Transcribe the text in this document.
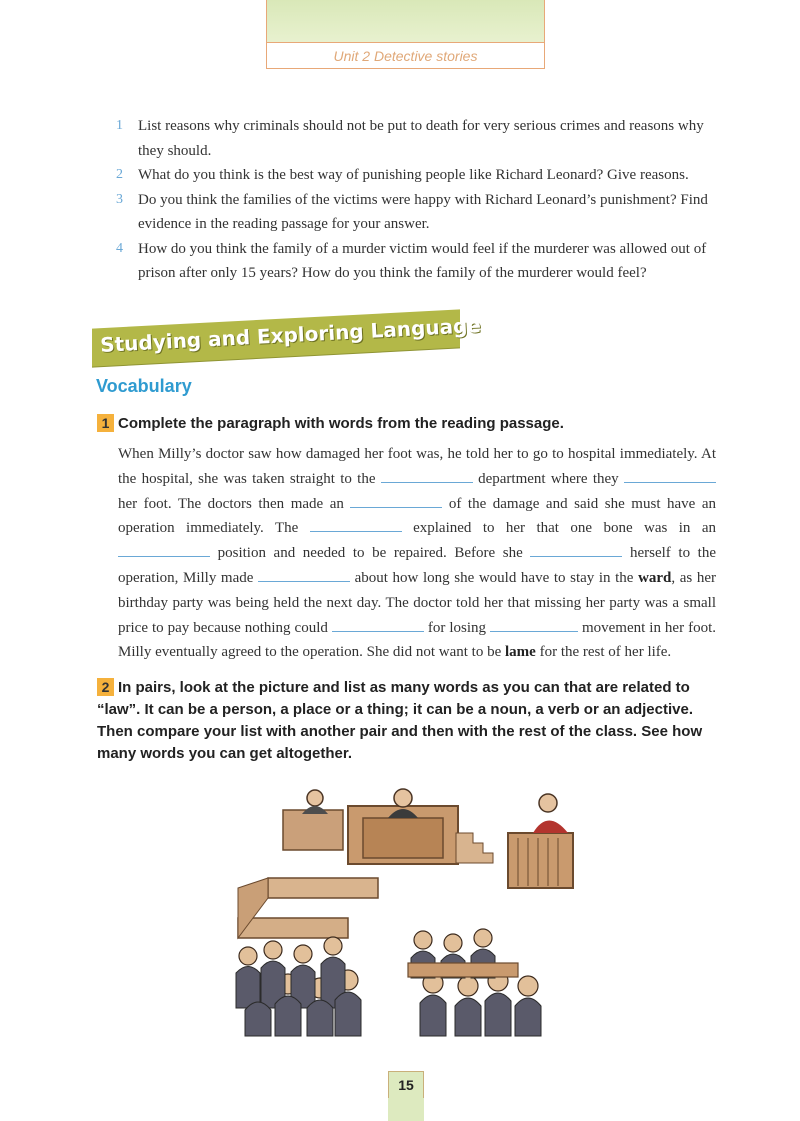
Unit 2 Detective stories
1 List reasons why criminals should not be put to death for very serious crimes and reasons why they should.
2 What do you think is the best way of punishing people like Richard Leonard? Give reasons.
3 Do you think the families of the victims were happy with Richard Leonard’s punishment? Find evidence in the reading passage for your answer.
4 How do you think the family of a murder victim would feel if the murderer was allowed out of prison after only 15 years? How do you think the family of the murderer would feel?
Studying and Exploring Language
Vocabulary
1 Complete the paragraph with words from the reading passage.
When Milly’s doctor saw how damaged her foot was, he told her to go to hospital immediately. At the hospital, she was taken straight to the	department where they  her foot. The doctors then made an	of the damage and said she must have an operation immediately. The	explained to her that one bone was in an  position and needed to be repaired. Before she	herself to the operation, Milly made	about how long she would have to stay in the ward, as her birthday party was being held the next day. The doctor told her that missing her party was a small price to pay because nothing could	for losing	movement in her foot. Milly eventually agreed to the operation. She did not want to be lame for the rest of her life.
2 In pairs, look at the picture and list as many words as you can that are related to “law”. It can be a person, a place or a thing; it can be a noun, a verb or an adjective. Then compare your list with another pair and then with the rest of the class. See how many words you can get altogether.
15
